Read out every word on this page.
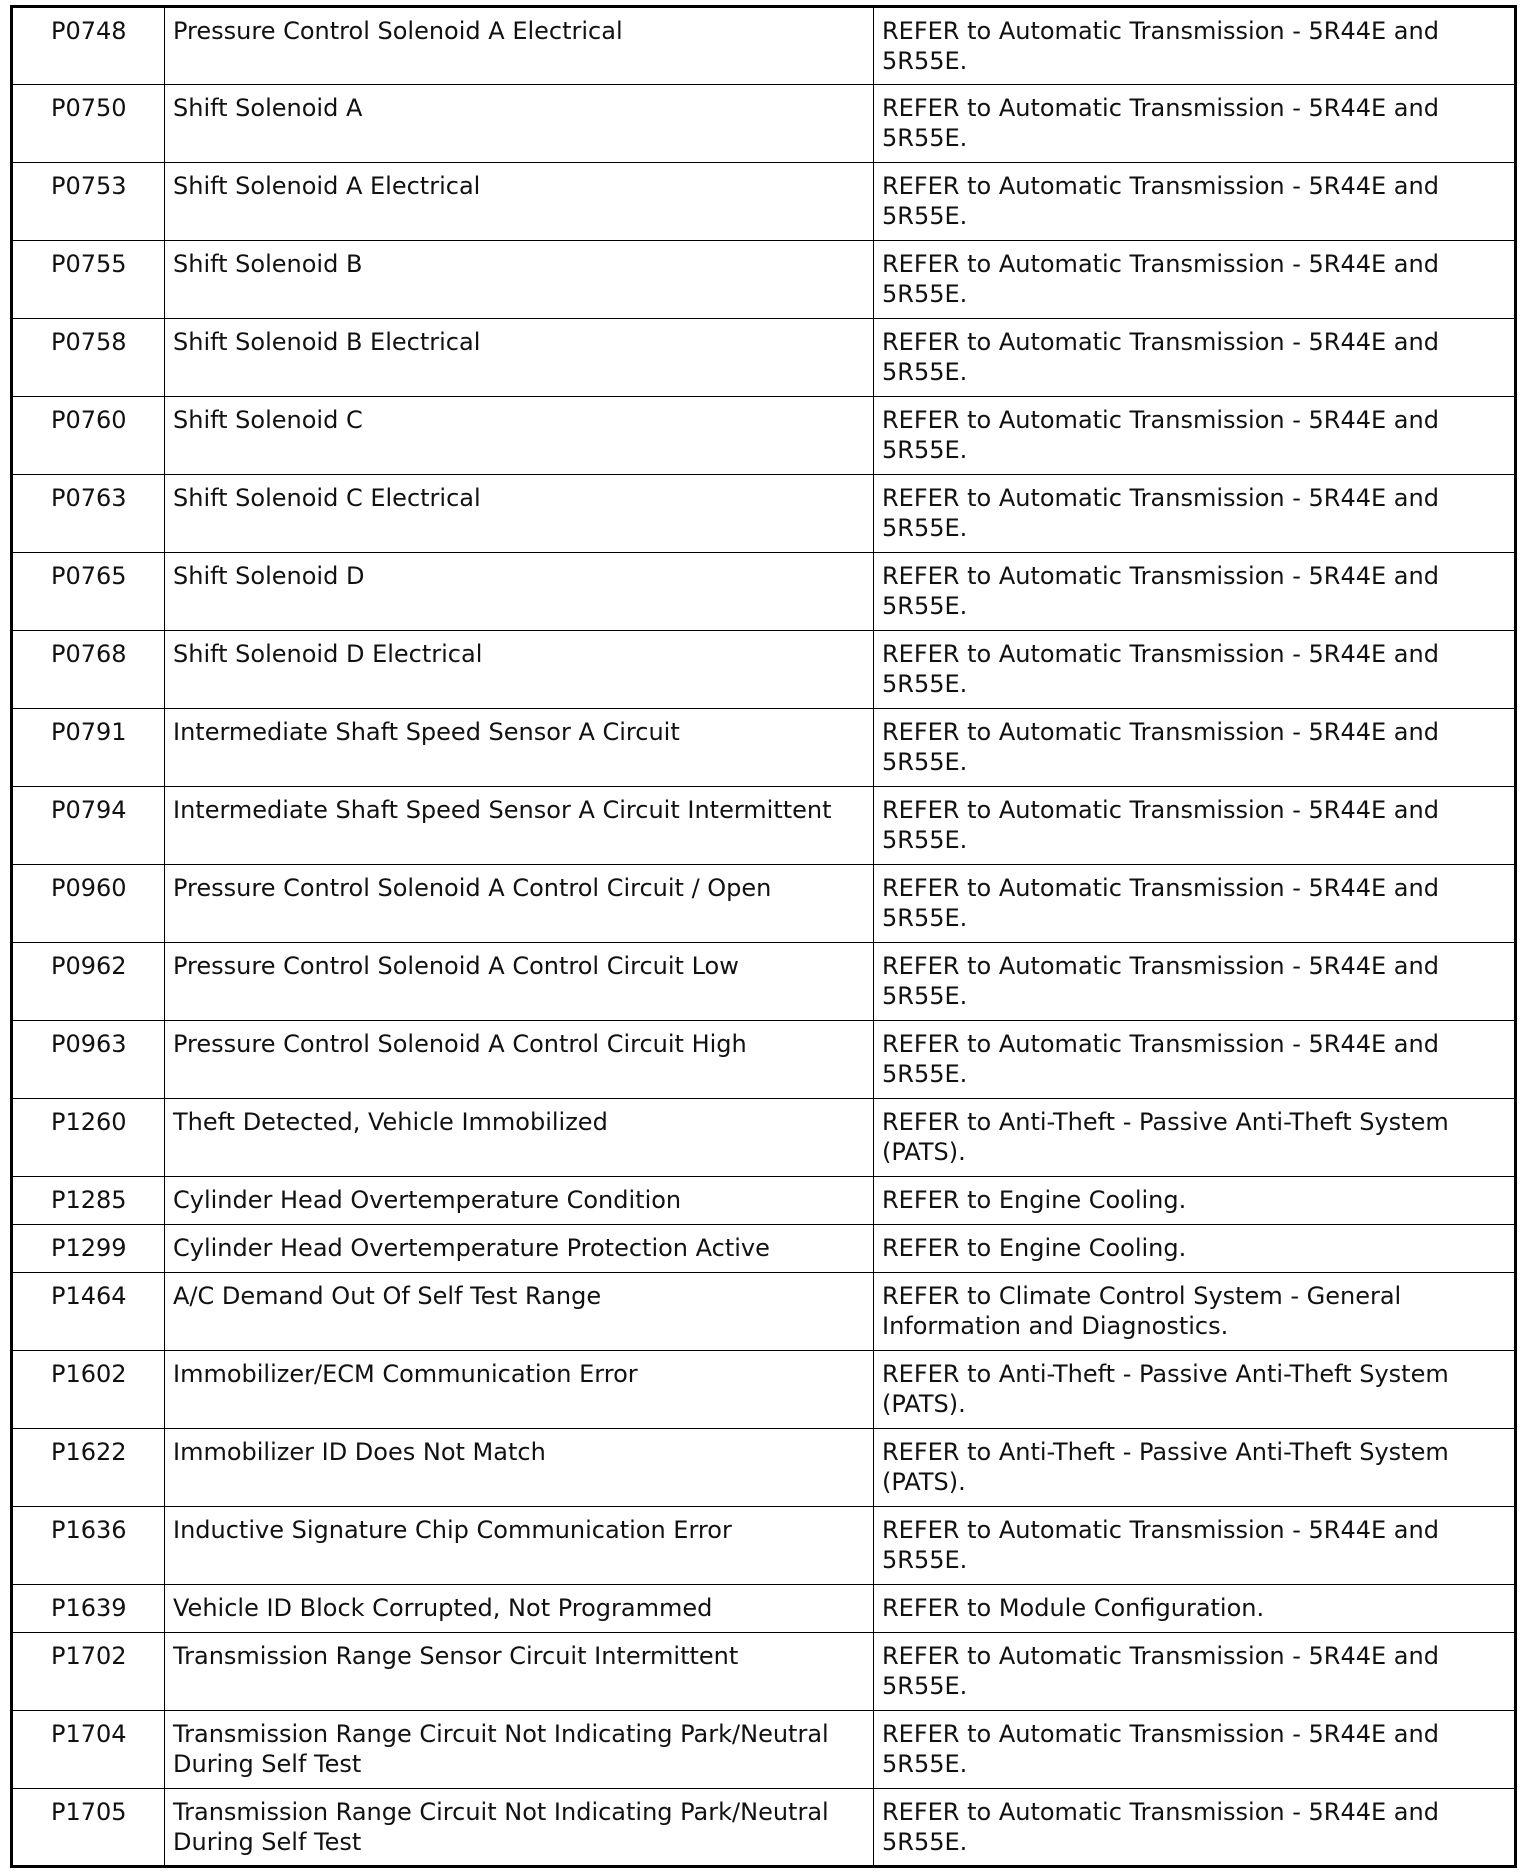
P0748	Pressure Control Solenoid A Electrical	REFER to Automatic Transmission - 5R44E and 5R55E.
P0750	Shift Solenoid A	REFER to Automatic Transmission - 5R44E and 5R55E.
P0753	Shift Solenoid A Electrical	REFER to Automatic Transmission - 5R44E and 5R55E.
P0755	Shift Solenoid B	REFER to Automatic Transmission - 5R44E and 5R55E.
P0758	Shift Solenoid B Electrical	REFER to Automatic Transmission - 5R44E and 5R55E.
P0760	Shift Solenoid C	REFER to Automatic Transmission - 5R44E and 5R55E.
P0763	Shift Solenoid C Electrical	REFER to Automatic Transmission - 5R44E and 5R55E.
P0765	Shift Solenoid D	REFER to Automatic Transmission - 5R44E and 5R55E.
P0768	Shift Solenoid D Electrical	REFER to Automatic Transmission - 5R44E and 5R55E.
P0791	Intermediate Shaft Speed Sensor A Circuit	REFER to Automatic Transmission - 5R44E and 5R55E.
P0794	Intermediate Shaft Speed Sensor A Circuit Intermittent	REFER to Automatic Transmission - 5R44E and 5R55E.
P0960	Pressure Control Solenoid A Control Circuit / Open	REFER to Automatic Transmission - 5R44E and 5R55E.
P0962	Pressure Control Solenoid A Control Circuit Low	REFER to Automatic Transmission - 5R44E and 5R55E.
P0963	Pressure Control Solenoid A Control Circuit High	REFER to Automatic Transmission - 5R44E and 5R55E.
P1260	Theft Detected, Vehicle Immobilized	REFER to Anti-Theft - Passive Anti-Theft System (PATS).
P1285	Cylinder Head Overtemperature Condition	REFER to Engine Cooling.
P1299	Cylinder Head Overtemperature Protection Active	REFER to Engine Cooling.
P1464	A/C Demand Out Of Self Test Range	REFER to Climate Control System - General Information and Diagnostics.
P1602	Immobilizer/ECM Communication Error	REFER to Anti-Theft - Passive Anti-Theft System (PATS).
P1622	Immobilizer ID Does Not Match	REFER to Anti-Theft - Passive Anti-Theft System (PATS).
P1636	Inductive Signature Chip Communication Error	REFER to Automatic Transmission - 5R44E and 5R55E.
P1639	Vehicle ID Block Corrupted, Not Programmed	REFER to Module Configuration.
P1702	Transmission Range Sensor Circuit Intermittent	REFER to Automatic Transmission - 5R44E and 5R55E.
P1704	Transmission Range Circuit Not Indicating Park/Neutral During Self Test	REFER to Automatic Transmission - 5R44E and 5R55E.
P1705	Transmission Range Circuit Not Indicating Park/Neutral During Self Test	REFER to Automatic Transmission - 5R44E and 5R55E.
